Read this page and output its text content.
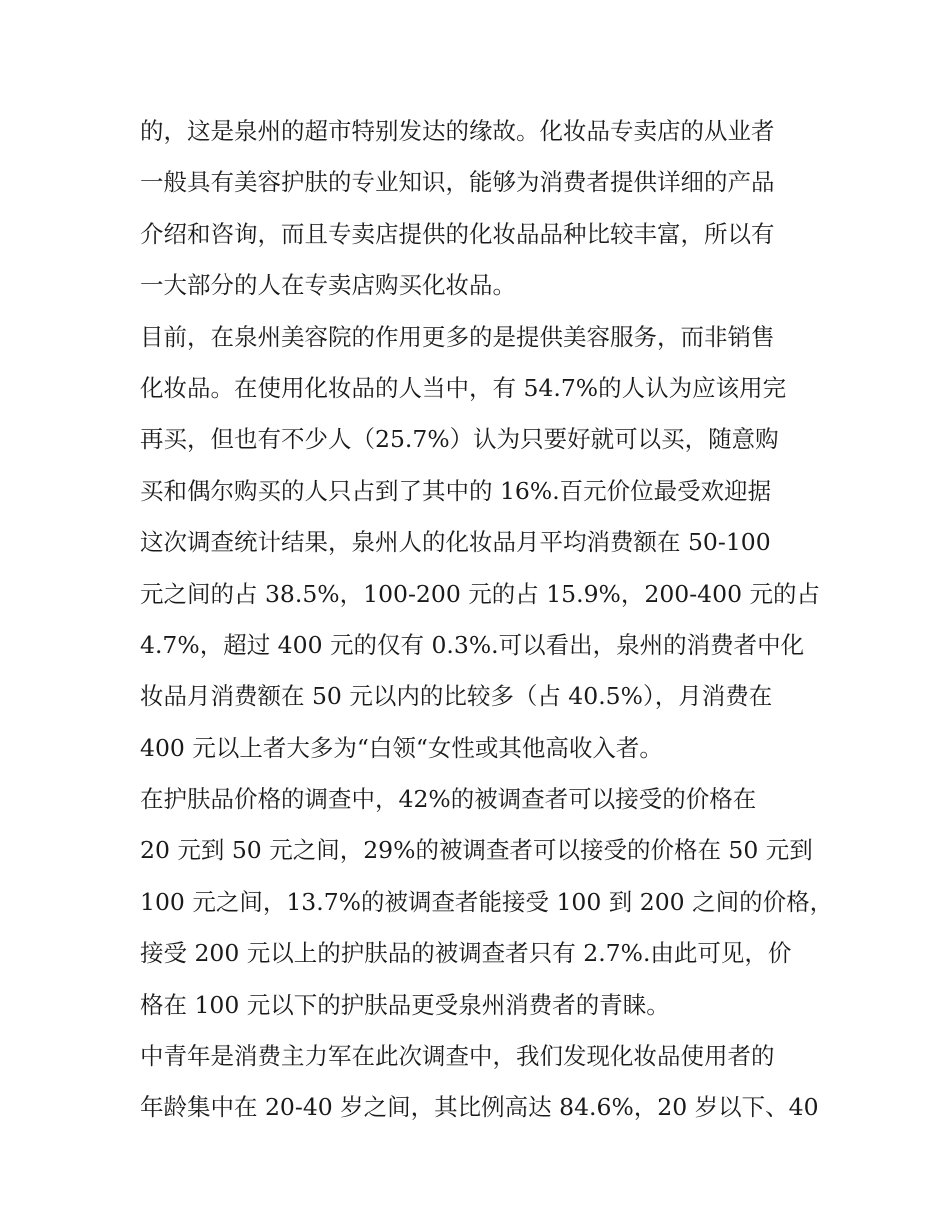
的，这是泉州的超市特别发达的缘故。化妆品专卖店的从业者
一般具有美容护肤的专业知识，能够为消费者提供详细的产品
介绍和咨询，而且专卖店提供的化妆品品种比较丰富，所以有
一大部分的人在专卖店购买化妆品。
目前，在泉州美容院的作用更多的是提供美容服务，而非销售
化妆品。在使用化妆品的人当中，有 54.7%的人认为应该用完
再买，但也有不少人（25.7%）认为只要好就可以买，随意购
买和偶尔购买的人只占到了其中的 16%.百元价位最受欢迎据
这次调查统计结果，泉州人的化妆品月平均消费额在 50-100
元之间的占 38.5%，100-200 元的占 15.9%，200-400 元的占
4.7%，超过 400 元的仅有 0.3%.可以看出，泉州的消费者中化
妆品月消费额在 50 元以内的比较多（占 40.5%），月消费在
400 元以上者大多为“白领“女性或其他高收入者。
在护肤品价格的调查中，42%的被调查者可以接受的价格在
20 元到 50 元之间，29%的被调查者可以接受的价格在 50 元到
100 元之间，13.7%的被调查者能接受 100 到 200 之间的价格，
接受 200 元以上的护肤品的被调查者只有 2.7%.由此可见，价
格在 100 元以下的护肤品更受泉州消费者的青睐。
中青年是消费主力军在此次调查中，我们发现化妆品使用者的
年龄集中在 20-40 岁之间，其比例高达 84.6%，20 岁以下、40
